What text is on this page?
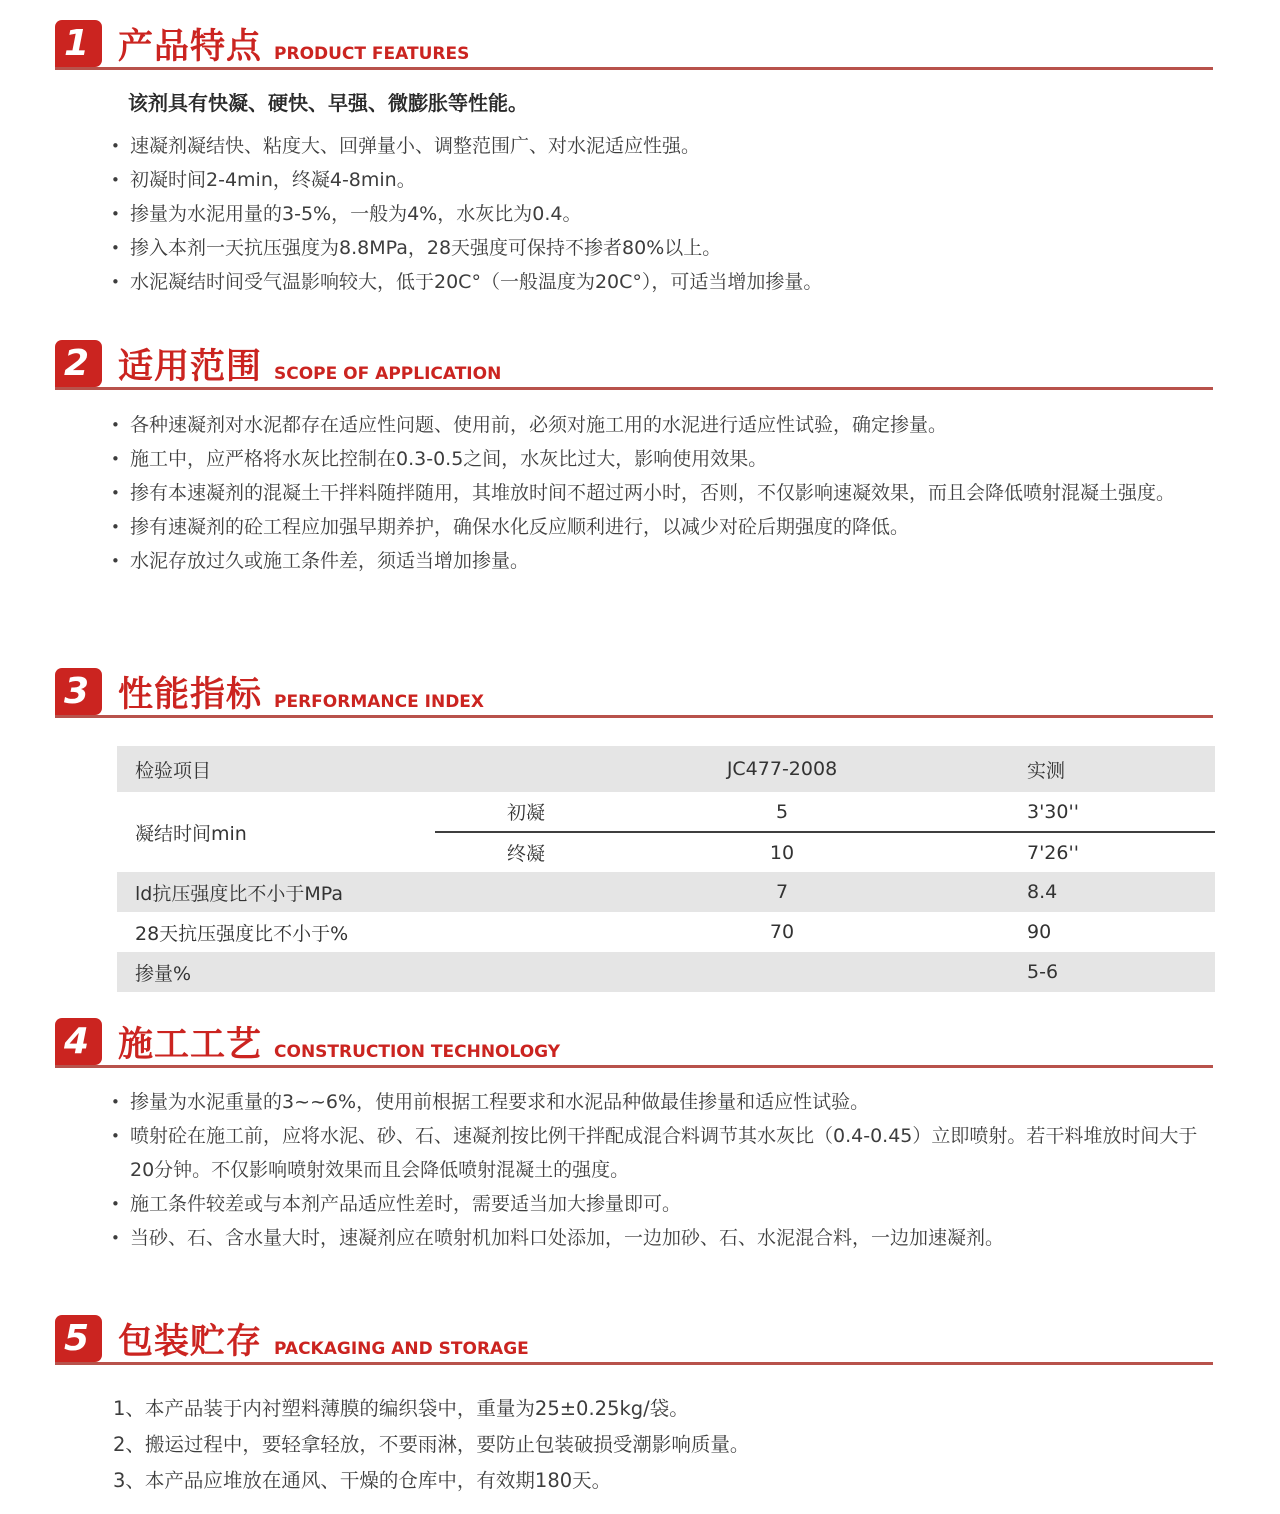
1 产品特点 PRODUCT FEATURES

该剂具有快凝、硬快、早强、微膨胀等性能。

• 速凝剂凝结快、粘度大、回弹量小、调整范围广、对水泥适应性强。
• 初凝时间2-4min，终凝4-8min。
• 掺量为水泥用量的3-5%，一般为4%，水灰比为0.4。
• 掺入本剂一天抗压强度为8.8MPa，28天强度可保持不掺者80%以上。
• 水泥凝结时间受气温影响较大，低于20C°（一般温度为20C°），可适当增加掺量。
2 适用范围 SCOPE OF APPLICATION
• 各种速凝剂对水泥都存在适应性问题、使用前，必须对施工用的水泥进行适应性试验，确定掺量。
• 施工中，应严格将水灰比控制在0.3-0.5之间，水灰比过大，影响使用效果。
• 掺有本速凝剂的混凝土干拌料随拌随用，其堆放时间不超过两小时，否则，不仅影响速凝效果，而且会降低喷射混凝土强度。
• 掺有速凝剂的砼工程应加强早期养护，确保水化反应顺利进行，以减少对砼后期强度的降低。
• 水泥存放过久或施工条件差，须适当增加掺量。
3 性能指标 PERFORMANCE INDEX
检验项目		JC477-2008	实测
凝结时间min	初凝	5	3'30''
	终凝	10	7'26''
ld抗压强度比不小于MPa		7	8.4
28天抗压强度比不小于%		70	90
掺量%			5-6
4 施工工艺 CONSTRUCTION TECHNOLOGY
• 掺量为水泥重量的3~~6%，使用前根据工程要求和水泥品种做最佳掺量和适应性试验。
• 喷射砼在施工前，应将水泥、砂、石、速凝剂按比例干拌配成混合料调节其水灰比（0.4-0.45）立即喷射。若干料堆放时间大于20分钟。不仅影响喷射效果而且会降低喷射混凝土的强度。
• 施工条件较差或与本剂产品适应性差时，需要适当加大掺量即可。
• 当砂、石、含水量大时，速凝剂应在喷射机加料口处添加，一边加砂、石、水泥混合料，一边加速凝剂。
5 包装贮存 PACKAGING AND STORAGE
1、本产品装于内衬塑料薄膜的编织袋中，重量为25±0.25kg/袋。
2、搬运过程中，要轻拿轻放，不要雨淋，要防止包装破损受潮影响质量。
3、本产品应堆放在通风、干燥的仓库中，有效期180天。
